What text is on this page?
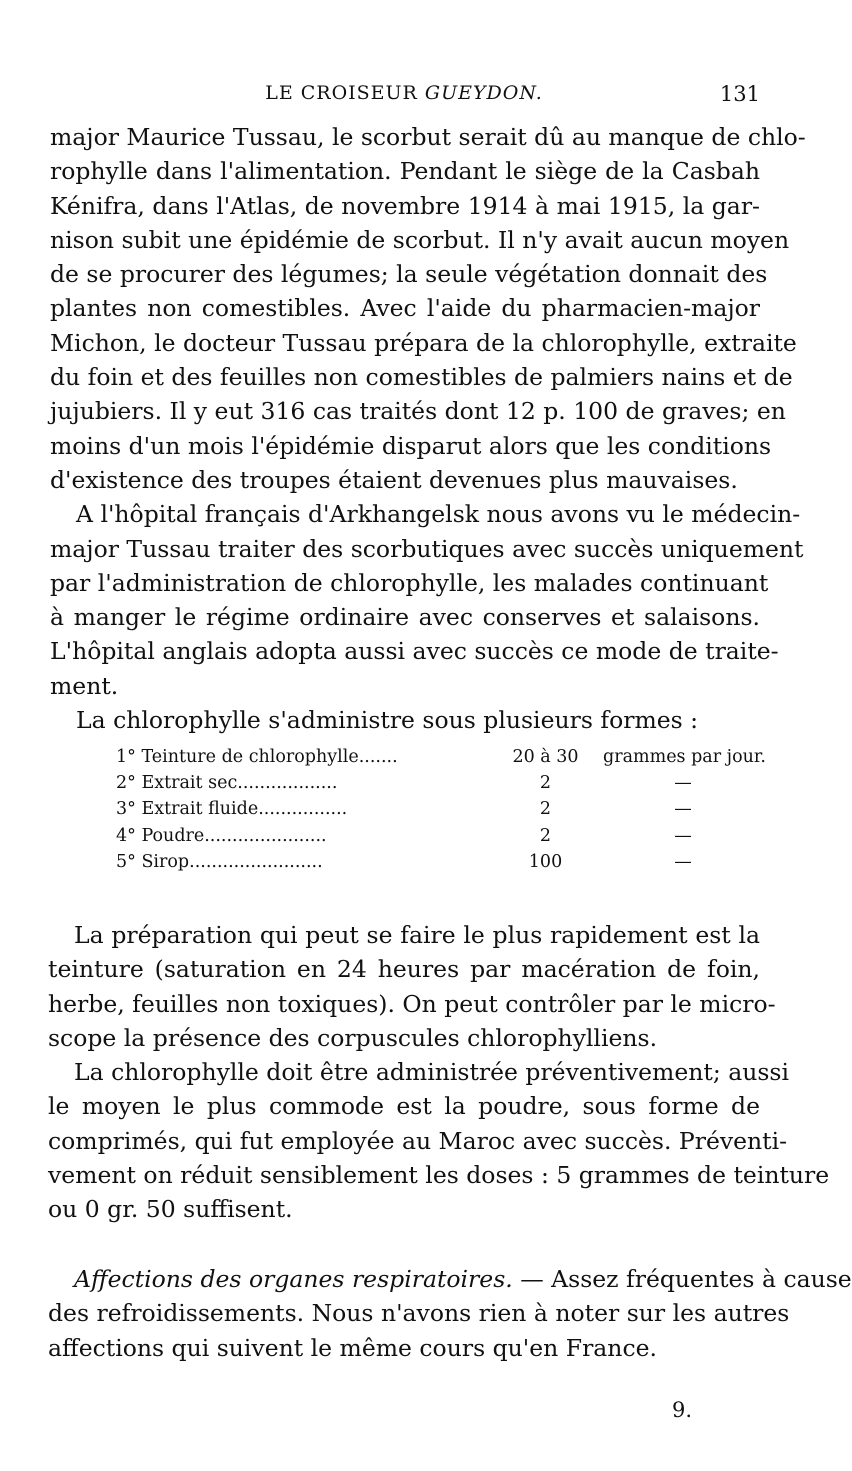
LE CROISEUR GUEYDON.	131
major Maurice Tussau, le scorbut serait dû au manque de chlo-
rophylle dans l'alimentation. Pendant le siège de la Casbah
Kénifra, dans l'Atlas, de novembre 1914 à mai 1915, la gar-
nison subit une épidémie de scorbut. Il n'y avait aucun moyen
de se procurer des légumes; la seule végétation donnait des
plantes non comestibles. Avec l'aide du pharmacien-major
Michon, le docteur Tussau prépara de la chlorophylle, extraite
du foin et des feuilles non comestibles de palmiers nains et de
jujubiers. Il y eut 316 cas traités dont 12 p. 100 de graves; en
moins d'un mois l'épidémie disparut alors que les conditions
d'existence des troupes étaient devenues plus mauvaises.
A l'hôpital français d'Arkhangelsk nous avons vu le médecin-
major Tussau traiter des scorbutiques avec succès uniquement
par l'administration de chlorophylle, les malades continuant
à manger le régime ordinaire avec conserves et salaisons.
L'hôpital anglais adopta aussi avec succès ce mode de traite-
ment.
La chlorophylle s'administre sous plusieurs formes :
1° Teinture de chlorophylle.......	20 à 30	grammes par jour.
2° Extrait sec..................	2	—
3° Extrait fluide................	2	—
4° Poudre......................	2	—
5° Sirop........................	100	—
La préparation qui peut se faire le plus rapidement est la
teinture (saturation en 24 heures par macération de foin,
herbe, feuilles non toxiques). On peut contrôler par le micro-
scope la présence des corpuscules chlorophylliens.
La chlorophylle doit être administrée préventivement; aussi
le moyen le plus commode est la poudre, sous forme de
comprimés, qui fut employée au Maroc avec succès. Préventi-
vement on réduit sensiblement les doses : 5 grammes de teinture
ou 0 gr. 50 suffisent.
Affections des organes respiratoires. — Assez fréquentes à cause
des refroidissements. Nous n'avons rien à noter sur les autres
affections qui suivent le même cours qu'en France.
9.
